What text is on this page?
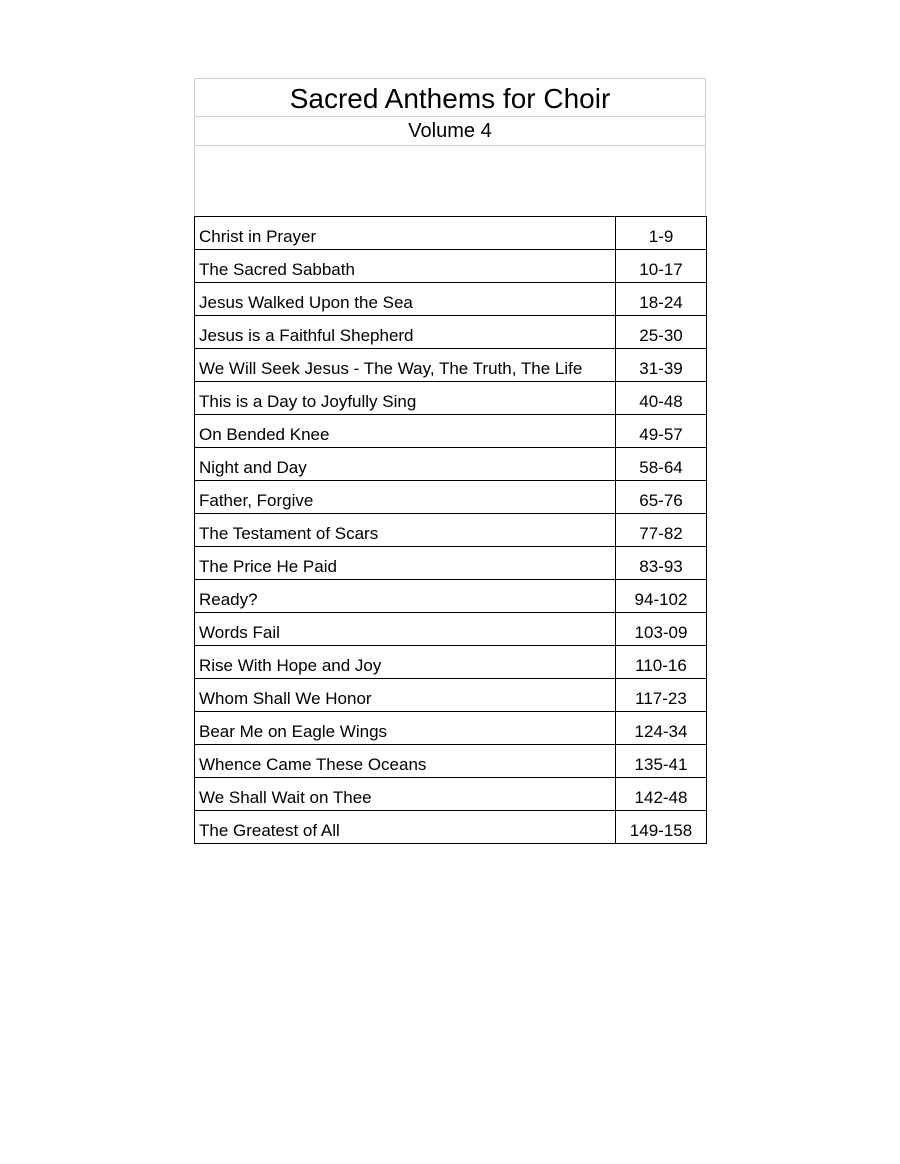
Sacred Anthems for Choir
Volume 4
Christ in Prayer	1-9
The Sacred Sabbath	10-17
Jesus Walked Upon the Sea	18-24
Jesus is a Faithful Shepherd	25-30
We Will Seek Jesus - The Way, The Truth, The Life	31-39
This is a Day to Joyfully Sing	40-48
On Bended Knee	49-57
Night and Day	58-64
Father, Forgive	65-76
The Testament of Scars	77-82
The Price He Paid	83-93
Ready?	94-102
Words Fail	103-09
Rise With Hope and Joy	110-16
Whom Shall We Honor	117-23
Bear Me on Eagle Wings	124-34
Whence Came These Oceans	135-41
We Shall Wait on Thee	142-48
The Greatest of All	149-158
